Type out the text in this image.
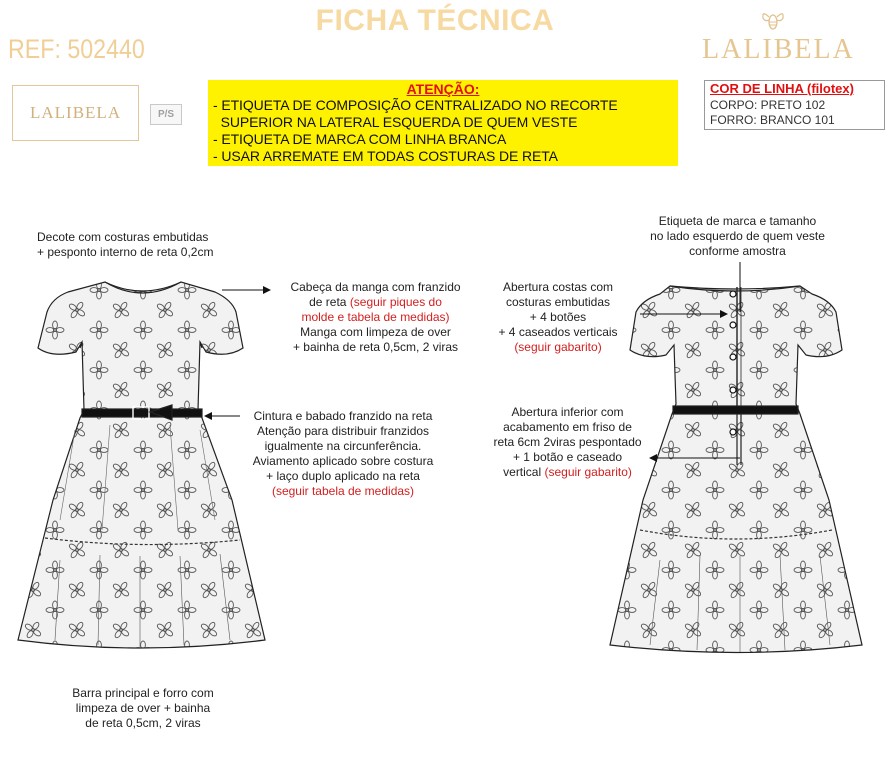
FICHA TÉCNICA
REF: 502440	LALIBELA
LALIBELA	P/S
ATENÇÃO:
- ETIQUETA DE COMPOSIÇÃO CENTRALIZADO NO RECORTE
SUPERIOR NA LATERAL ESQUERDA DE QUEM VESTE
- ETIQUETA DE MARCA COM LINHA BRANCA
- USAR ARREMATE EM TODAS COSTURAS DE RETA
COR DE LINHA (filotex)
CORPO: PRETO 102
FORRO: BRANCO 101
Decote com costuras embutidas
+ pesponto interno de reta 0,2cm
Cabeça da manga com franzido
de reta (seguir piques do
molde e tabela de medidas)
Manga com limpeza de over
+ bainha de reta 0,5cm, 2 viras
Cintura e babado franzido na reta
Atenção para distribuir franzidos
igualmente na circunferência.
Aviamento aplicado sobre costura
+ laço duplo aplicado na reta
(seguir tabela de medidas)
Barra principal e forro com
limpeza de over + bainha
de reta 0,5cm, 2 viras
Etiqueta de marca e tamanho
no lado esquerdo de quem veste
conforme amostra
Abertura costas com
costuras embutidas
+ 4 botões
+ 4 caseados verticais
(seguir gabarito)
Abertura inferior com
acabamento em friso de
reta 6cm 2viras pespontado
+ 1 botão e caseado
vertical (seguir gabarito)
